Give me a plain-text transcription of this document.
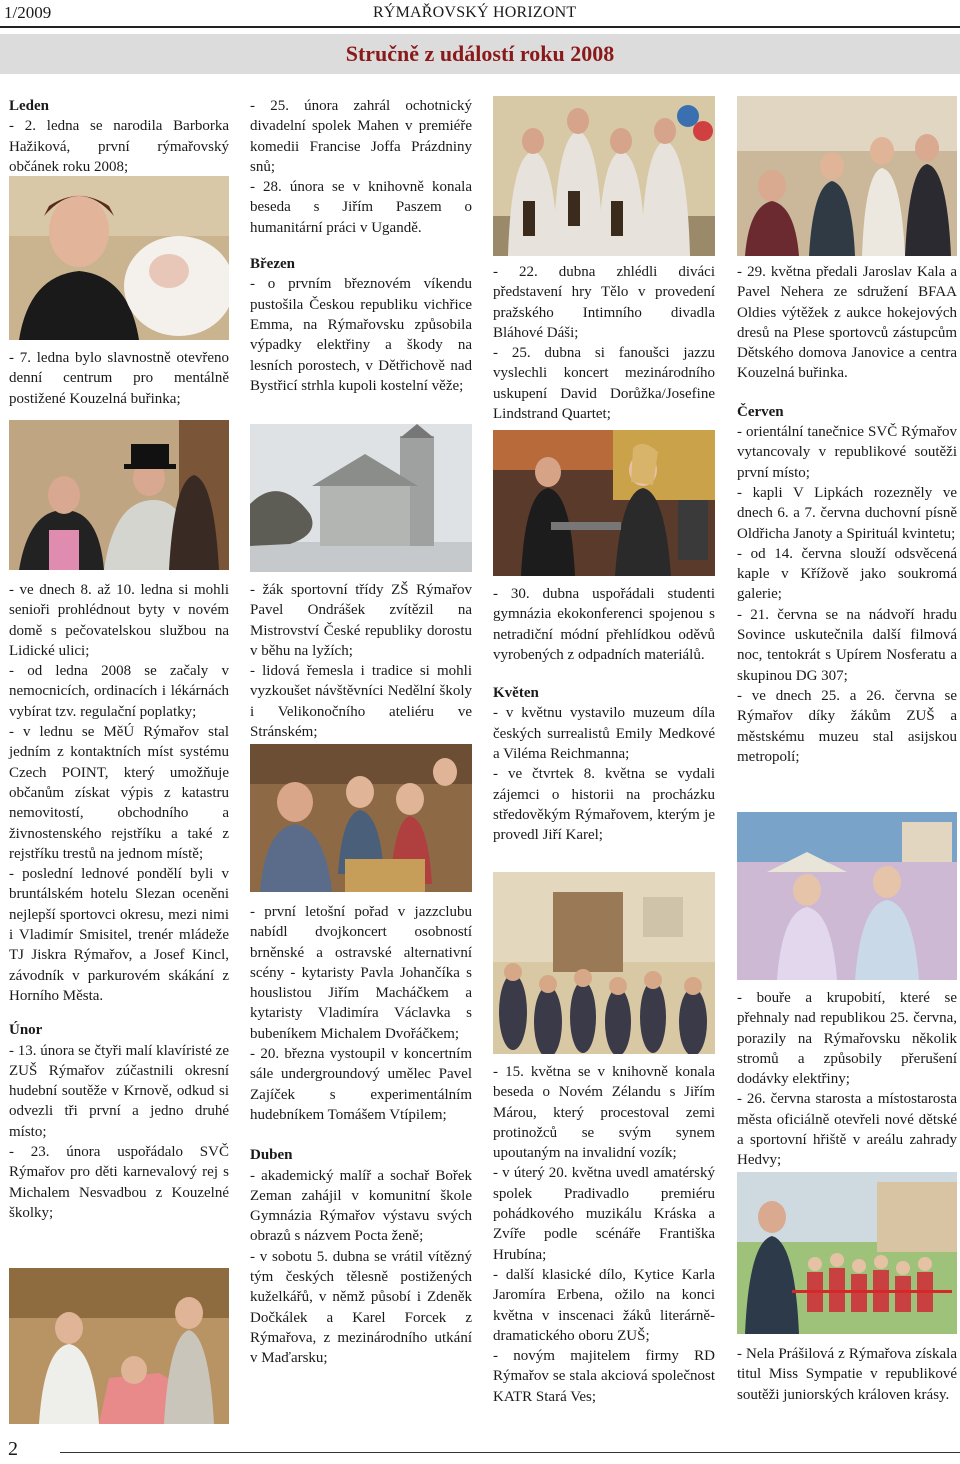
1/2009	RÝMAŘOVSKÝ HORIZONT
Stručně z událostí roku 2008
Leden

- 2. ledna se narodila Barborka Hažiková, první rýmařovský občánek roku 2008;

- 7. ledna bylo slavnostně otevřeno denní centrum pro mentálně postižené Kouzelná buřinka;

- ve dnech 8. až 10. ledna si mohli senioři prohlédnout byty v novém domě s pečovatelskou službou na Lidické ulici;

- od ledna 2008 se začaly v nemocnicích, ordinacích i lékárnách vybírat tzv. regulační poplatky;

- v lednu se MěÚ Rýmařov stal jedním z kontaktních míst systému Czech POINT, který umožňuje občanům získat výpis z katastru nemovitostí, obchodního a živnostenského rejstříku a také z rejstříku trestů na jednom místě;

- poslední lednové pondělí byli v bruntálském hotelu Slezan oceněni nejlepší sportovci okresu, mezi nimi i Vladimír Smisitel, trenér mládeže TJ Jiskra Rýmařov, a Josef Kincl, závodník v parkurovém skákání z Horního Města.

Únor

- 13. února se čtyři malí klavíristé ze ZUŠ Rýmařov zúčastnili okresní hudební soutěže v Krnově, odkud si odvezli tři první a jedno druhé místo;

- 23. února uspořádalo SVČ Rýmařov pro děti karnevalový rej s Michalem Nesvadbou z Kouzelné školky;

- 25. února zahrál ochotnický divadelní spolek Mahen v premiéře komedii Francise Joffa Prázdniny snů;

- 28. února se v knihovně konala beseda s Jiřím Paszem o humanitární práci v Ugandě.

Březen

- o prvním březnovém víkendu pustošila Českou republiku vichřice Emma, na Rýmařovsku způsobila výpadky elektřiny a škody na lesních porostech, v Dětřichově nad Bystřicí strhla kupoli kostelní věže;

- žák sportovní třídy ZŠ Rýmařov Pavel Ondrášek zvítězil na Mistrovství České republiky dorostu v běhu na lyžích;

- lidová řemesla i tradice si mohli vyzkoušet návštěvníci Nedělní školy i Velikonočního ateliéru ve Stránském;

- první letošní pořad v jazzclubu nabídl dvojkoncert osobností brněnské a ostravské alternativní scény - kytaristy Pavla Johančíka s houslistou Jiřím Macháčkem a kytaristy Vladimíra Václavka s bubeníkem Michalem Dvořáčkem;

- 20. března vystoupil v koncertním sále undergroundový umělec Pavel Zajíček s experimentálním hudebníkem Tomášem Vtípilem;

Duben

- akademický malíř a sochař Bořek Zeman zahájil v komunitní škole Gymnázia Rýmařov výstavu svých obrazů s názvem Pocta ženě;

- v sobotu 5. dubna se vrátil vítězný tým českých tělesně postižených kuželkářů, v němž působí i Zdeněk Dočkálek a Karel Forcek z Rýmařova, z mezinárodního utkání v Maďarsku;

- 22. dubna zhlédli diváci představení hry Tělo v provedení pražského Intimního divadla Bláhové Dáši;

- 25. dubna si fanoušci jazzu vyslechli koncert mezinárodního uskupení David Dorůžka/Josefine Lindstrand Quartet;

- 30. dubna uspořádali studenti gymnázia ekokonferenci spojenou s netradiční módní přehlídkou oděvů vyrobených z odpadních materiálů.

Květen

- v květnu vystavilo muzeum díla českých surrealistů Emily Medkové a Viléma Reichmanna;

- ve čtvrtek 8. května se vydali zájemci o historii na procházku středověkým Rýmařovem, kterým je provedl Jiří Karel;

- 15. května se v knihovně konala beseda o Novém Zélandu s Jiřím Márou, který procestoval zemi protinožců se svým synem upoutaným na invalidní vozík;

- v úterý 20. května uvedl amatérský spolek Pradivadlo premiéru pohádkového muzikálu Kráska a Zvíře podle scénáře Františka Hrubína;

- další klasické dílo, Kytice Karla Jaromíra Erbena, ožilo na konci května v inscenaci žáků literárně-dramatického oboru ZUŠ;

- novým majitelem firmy RD Rýmařov se stala akciová společnost KATR Stará Ves;

- 29. května předali Jaroslav Kala a Pavel Nehera ze sdružení BFAA Oldies výtěžek z aukce hokejových dresů na Plese sportovců zástupcům Dětského domova Janovice a centra Kouzelná buřinka.

Červen

- orientální tanečnice SVČ Rýmařov vytancovaly v republikové soutěži první místo;

- kapli V Lipkách rozezněly ve dnech 6. a 7. června duchovní písně Oldřicha Janoty a Spirituál kvintetu;

- od 14. června slouží odsvěcená kaple v Křížově jako soukromá galerie;

- 21. června se na nádvoří hradu Sovince uskutečnila další filmová noc, tentokrát s Upírem Nosferatu a skupinou DG 307;

- ve dnech 25. a 26. června se Rýmařov díky žákům ZUŠ a městskému muzeu stal asijskou metropolí;

- bouře a krupobití, které se přehnaly nad republikou 25. června, porazily na Rýmařovsku několik stromů a způsobily přerušení dodávky elektřiny;

- 26. června starosta a místostarosta města oficiálně otevřeli nové dětské a sportovní hřiště v areálu zahrady Hedvy;

- Nela Prášilová z Rýmařova získala titul Miss Sympatie v republikové soutěži juniorských královen krásy.

2
